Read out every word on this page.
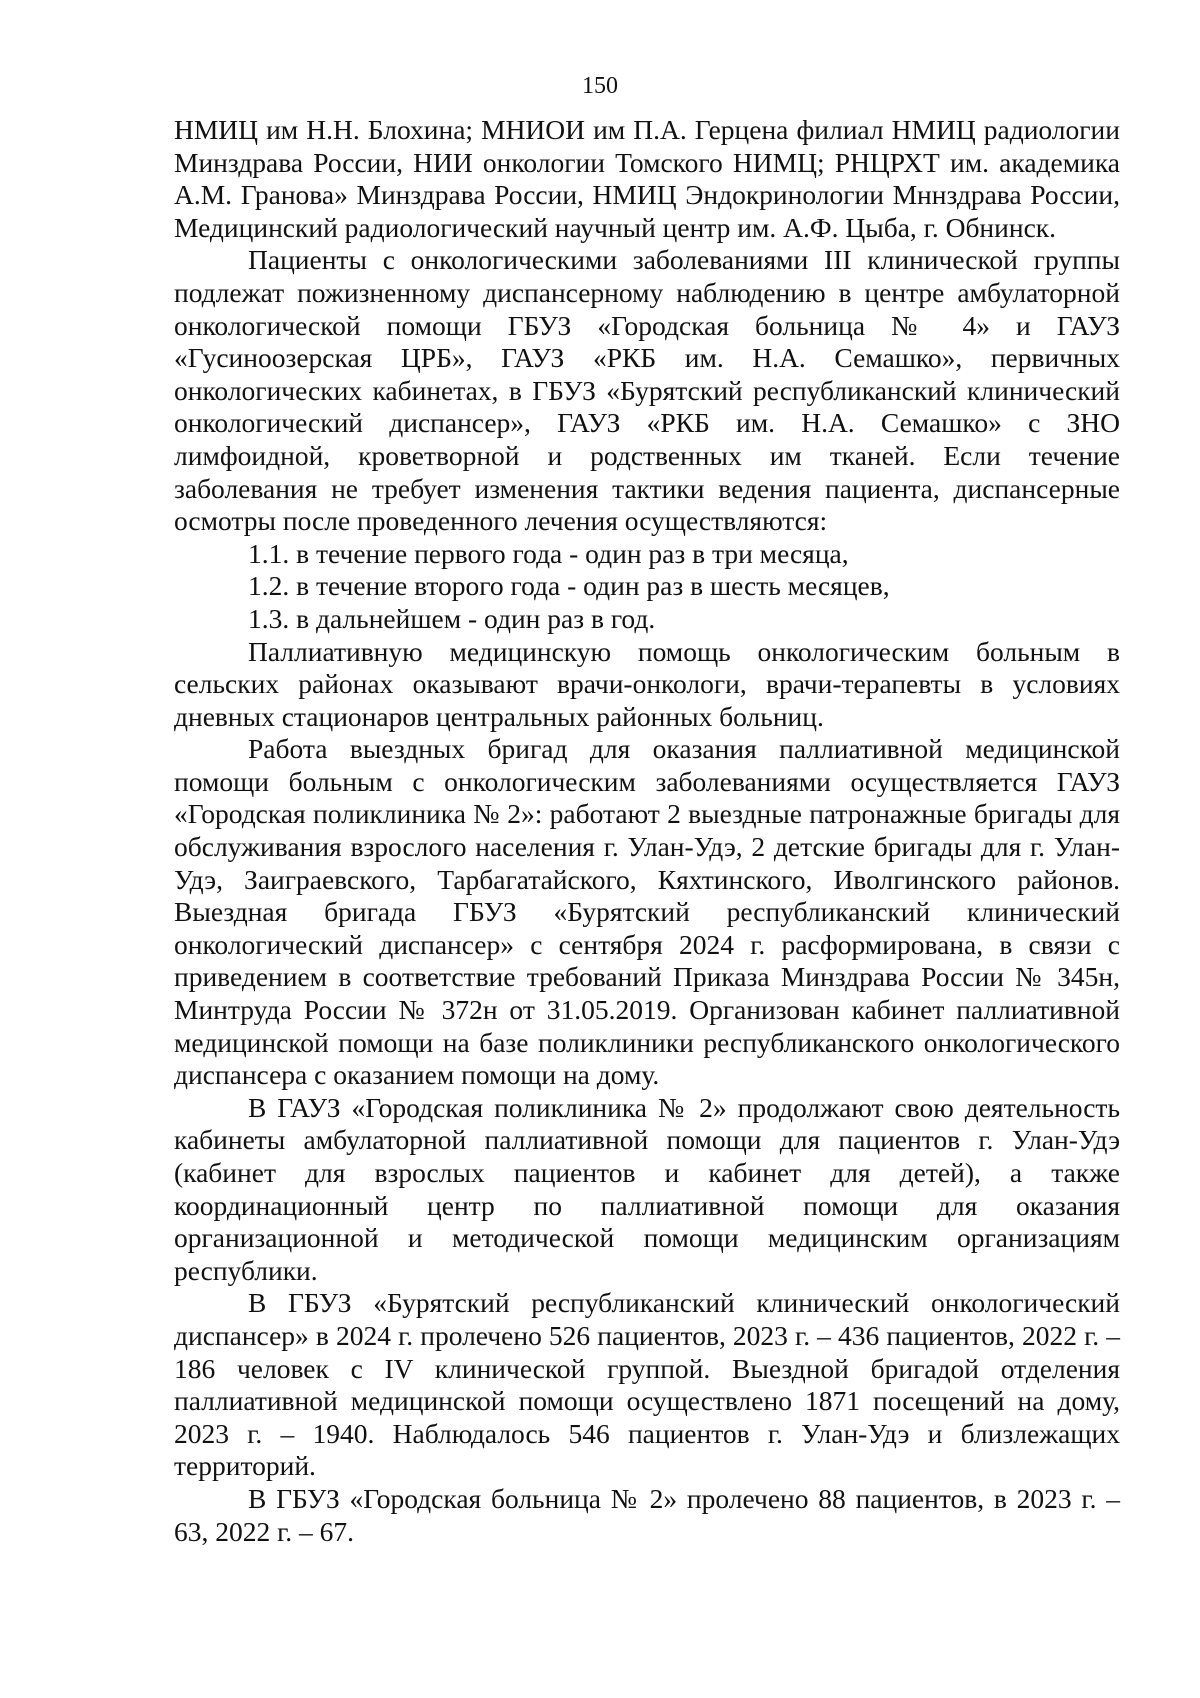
150

НМИЦ им Н.Н. Блохина; МНИОИ им П.А. Герцена филиал НМИЦ радиологии Минздрава России, НИИ онкологии Томского НИМЦ; РНЦРХТ им. академика А.М. Гранова» Минздрава России, НМИЦ Эндокринологии Мннздрава России, Медицинский радиологический научный центр им. А.Ф. Цыба, г. Обнинск.

Пациенты с онкологическими заболеваниями III клинической группы подлежат пожизненному диспансерному наблюдению в центре амбулаторной онкологической помощи ГБУЗ «Городская больница № 4» и ГАУЗ «Гусиноозерская ЦРБ», ГАУЗ «РКБ им. Н.А. Семашко», первичных онкологических кабинетах, в ГБУЗ «Бурятский республиканский клинический онкологический диспансер», ГАУЗ «РКБ им. Н.А. Семашко» с ЗНО лимфоидной, кроветворной и родственных им тканей. Если течение заболевания не требует изменения тактики ведения пациента, диспансерные осмотры после проведенного лечения осуществляются:

1.1. в течение первого года - один раз в три месяца,

1.2. в течение второго года - один раз в шесть месяцев,

1.3. в дальнейшем - один раз в год.

Паллиативную медицинскую помощь онкологическим больным в сельских районах оказывают врачи-онкологи, врачи-терапевты в условиях дневных стационаров центральных районных больниц.

Работа выездных бригад для оказания паллиативной медицинской помощи больным с онкологическим заболеваниями осуществляется ГАУЗ «Городская поликлиника № 2»: работают 2 выездные патронажные бригады для обслуживания взрослого населения г. Улан-Удэ, 2 детские бригады для г. Улан-Удэ, Заиграевского, Тарбагатайского, Кяхтинского, Иволгинского районов. Выездная бригада ГБУЗ «Бурятский республиканский клинический онкологический диспансер» с сентября 2024 г. расформирована, в связи с приведением в соответствие требований Приказа Минздрава России № 345н, Минтруда России № 372н от 31.05.2019. Организован кабинет паллиативной медицинской помощи на базе поликлиники республиканского онкологического диспансера с оказанием помощи на дому.

В ГАУЗ «Городская поликлиника № 2» продолжают свою деятельность кабинеты амбулаторной паллиативной помощи для пациентов г. Улан-Удэ (кабинет для взрослых пациентов и кабинет для детей), а также координационный центр по паллиативной помощи для оказания организационной и методической помощи медицинским организациям республики.

В ГБУЗ «Бурятский республиканский клинический онкологический диспансер» в 2024 г. пролечено 526 пациентов, 2023 г. – 436 пациентов, 2022 г. – 186 человек с IV клинической группой. Выездной бригадой отделения паллиативной медицинской помощи осуществлено 1871 посещений на дому, 2023 г. – 1940. Наблюдалось 546 пациентов г. Улан-Удэ и близлежащих территорий.

В ГБУЗ «Городская больница № 2» пролечено 88 пациентов, в 2023 г. – 63, 2022 г. – 67.
